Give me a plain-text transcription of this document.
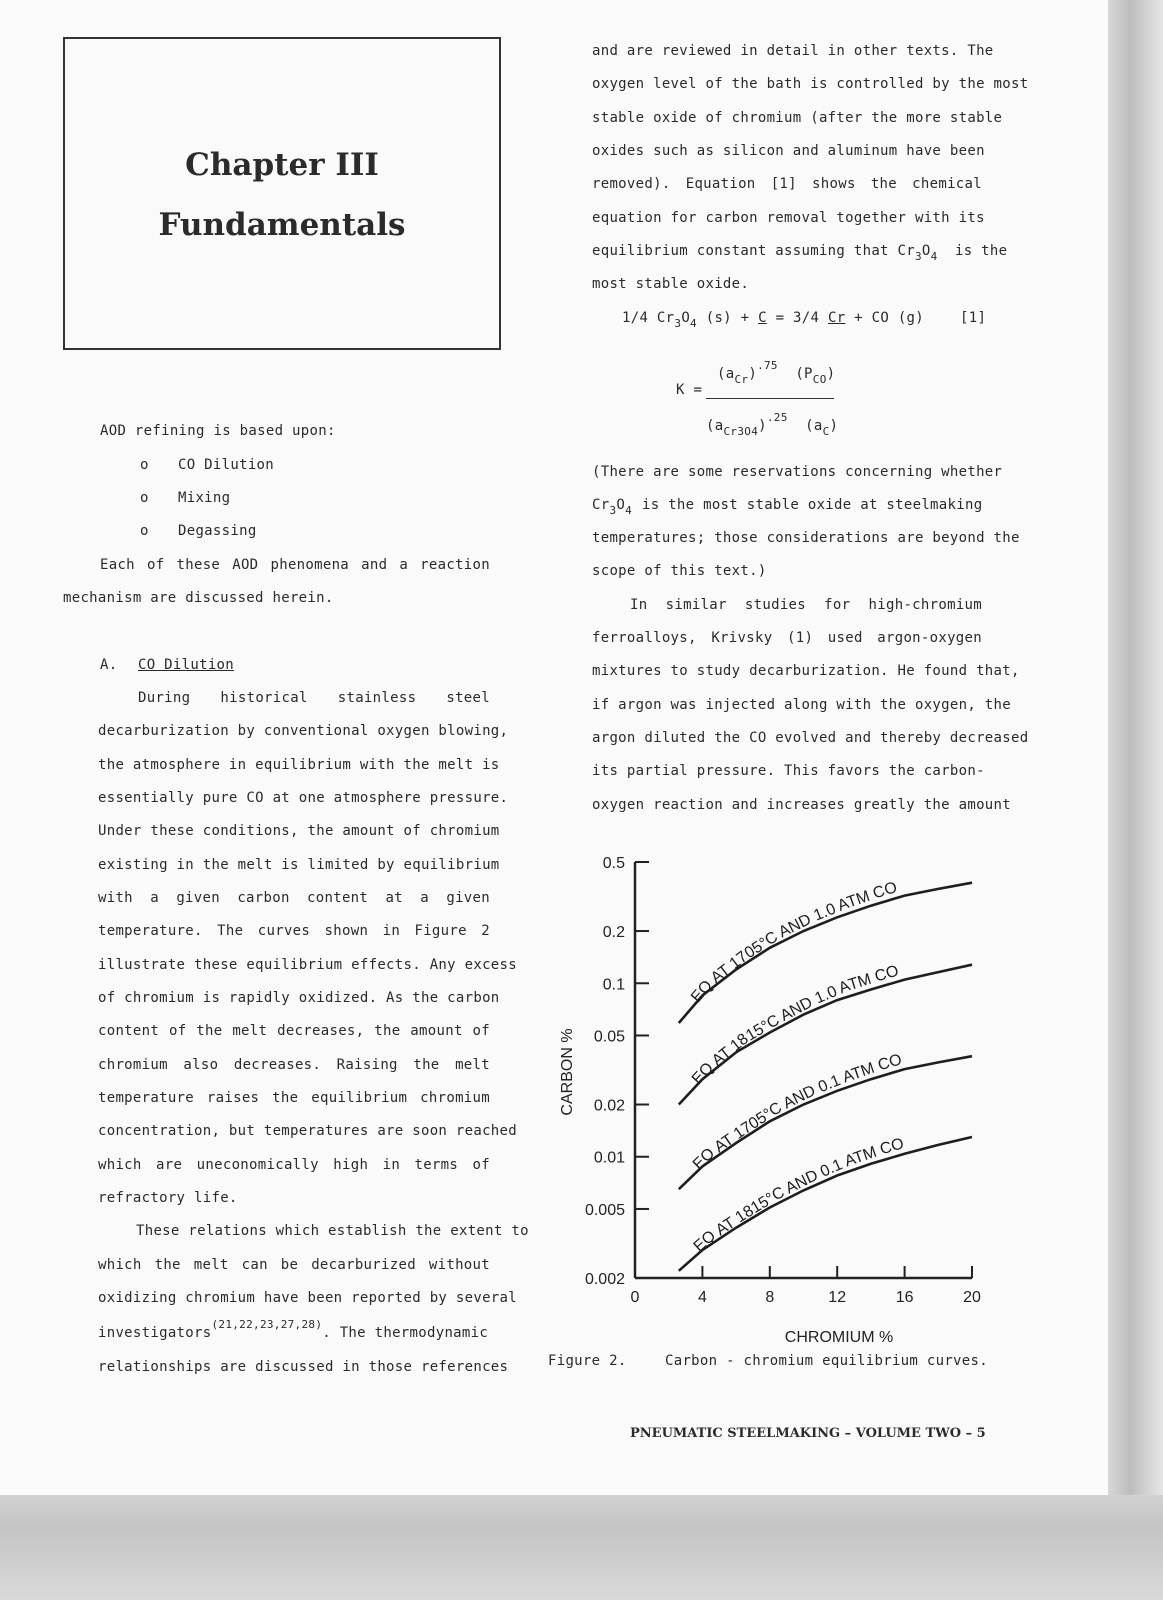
Chapter III
Fundamentals
AOD refining is based upon:
o CO Dilution
o Mixing
o Degassing
Each of these AOD phenomena and a reaction
mechanism are discussed herein.
A. CO Dilution
During historical stainless steel
decarburization by conventional oxygen blowing,
the atmosphere in equilibrium with the melt is
essentially pure CO at one atmosphere pressure.
Under these conditions, the amount of chromium
existing in the melt is limited by equilibrium
with a given carbon content at a given
temperature. The curves shown in Figure 2
illustrate these equilibrium effects. Any excess
of chromium is rapidly oxidized. As the carbon
content of the melt decreases, the amount of
chromium also decreases. Raising the melt
temperature raises the equilibrium chromium
concentration, but temperatures are soon reached
which are uneconomically high in terms of
refractory life.
These relations which establish the extent to
which the melt can be decarburized without
oxidizing chromium have been reported by several
investigators$^{(21,22,23,27,28)}$. The thermodynamic
relationships are discussed in those references
and are reviewed in detail in other texts. The
oxygen level of the bath is controlled by the most
stable oxide of chromium (after the more stable
oxides such as silicon and aluminum have been
removed). Equation [1] shows the chemical
equation for carbon removal together with its
equilibrium constant assuming that $Cr_3O_4$ is the
most stable oxide.
1/4 $Cr_3O_4$ (s) + C = 3/4 Cr + CO (g)	[1]
K =
$(a_{Cr})^{.75}$  $(P_{CO})$
$(a_{Cr3O4})^{.25}$  $(a_C)$
(There are some reservations concerning whether
$Cr_3O_4$ is the most stable oxide at steelmaking
temperatures; those considerations are beyond the
scope of this text.)
In similar studies for high-chromium
ferroalloys, Krivsky (1) used argon-oxygen
mixtures to study decarburization. He found that,
if argon was injected along with the oxygen, the
argon diluted the CO evolved and thereby decreased
its partial pressure. This favors the carbon-
oxygen reaction and increases greatly the amount
0.002
0.005
0.01
0.02
0.05
0.1
0.2
0.5
0	4	8	12	16	20
EQ AT 1705°C AND 1.0 ATM CO
EQ AT 1815°C AND 1.0 ATM CO
EQ AT 1705°C AND 0.1 ATM CO
EQ AT 1815°C AND 0.1 ATM CO
CHROMIUM %
CARBON %
Figure 2.	Carbon - chromium equilibrium curves.
PNEUMATIC STEELMAKING – VOLUME TWO – 5
